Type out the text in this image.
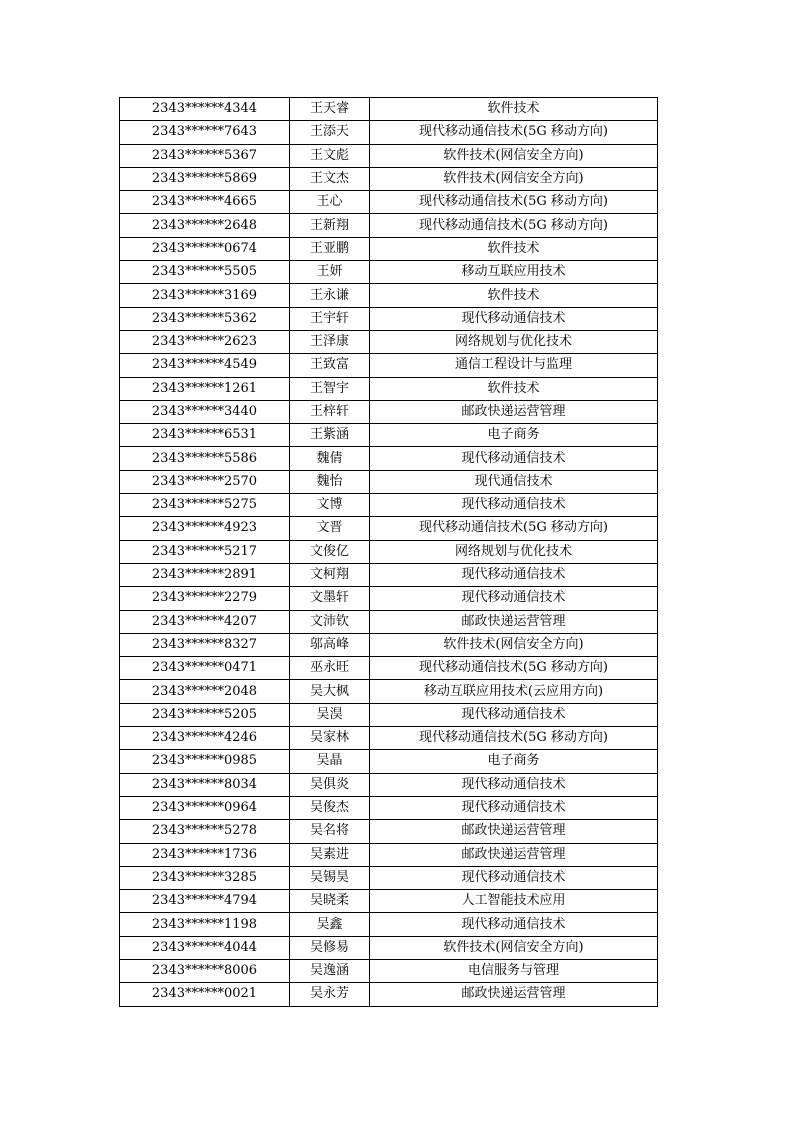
2343******4344	王天睿	软件技术
2343******7643	王添天	现代移动通信技术(5G 移动方向)
2343******5367	王文彪	软件技术(网信安全方向)
2343******5869	王文杰	软件技术(网信安全方向)
2343******4665	王心	现代移动通信技术(5G 移动方向)
2343******2648	王新翔	现代移动通信技术(5G 移动方向)
2343******0674	王亚鹏	软件技术
2343******5505	王妍	移动互联应用技术
2343******3169	王永谦	软件技术
2343******5362	王宇轩	现代移动通信技术
2343******2623	王泽康	网络规划与优化技术
2343******4549	王致富	通信工程设计与监理
2343******1261	王智宇	软件技术
2343******3440	王梓轩	邮政快递运营管理
2343******6531	王紫涵	电子商务
2343******5586	魏倩	现代移动通信技术
2343******2570	魏怡	现代通信技术
2343******5275	文博	现代移动通信技术
2343******4923	文晋	现代移动通信技术(5G 移动方向)
2343******5217	文俊亿	网络规划与优化技术
2343******2891	文柯翔	现代移动通信技术
2343******2279	文墨轩	现代移动通信技术
2343******4207	文沛钦	邮政快递运营管理
2343******8327	邬高峰	软件技术(网信安全方向)
2343******0471	巫永旺	现代移动通信技术(5G 移动方向)
2343******2048	吴大枫	移动互联应用技术(云应用方向)
2343******5205	吴淏	现代移动通信技术
2343******4246	吴家林	现代移动通信技术(5G 移动方向)
2343******0985	吴晶	电子商务
2343******8034	吴俱炎	现代移动通信技术
2343******0964	吴俊杰	现代移动通信技术
2343******5278	吴名将	邮政快递运营管理
2343******1736	吴素进	邮政快递运营管理
2343******3285	吴锡昊	现代移动通信技术
2343******4794	吴晓柔	人工智能技术应用
2343******1198	吴鑫	现代移动通信技术
2343******4044	吴修易	软件技术(网信安全方向)
2343******8006	吴逸涵	电信服务与管理
2343******0021	吴永芳	邮政快递运营管理
